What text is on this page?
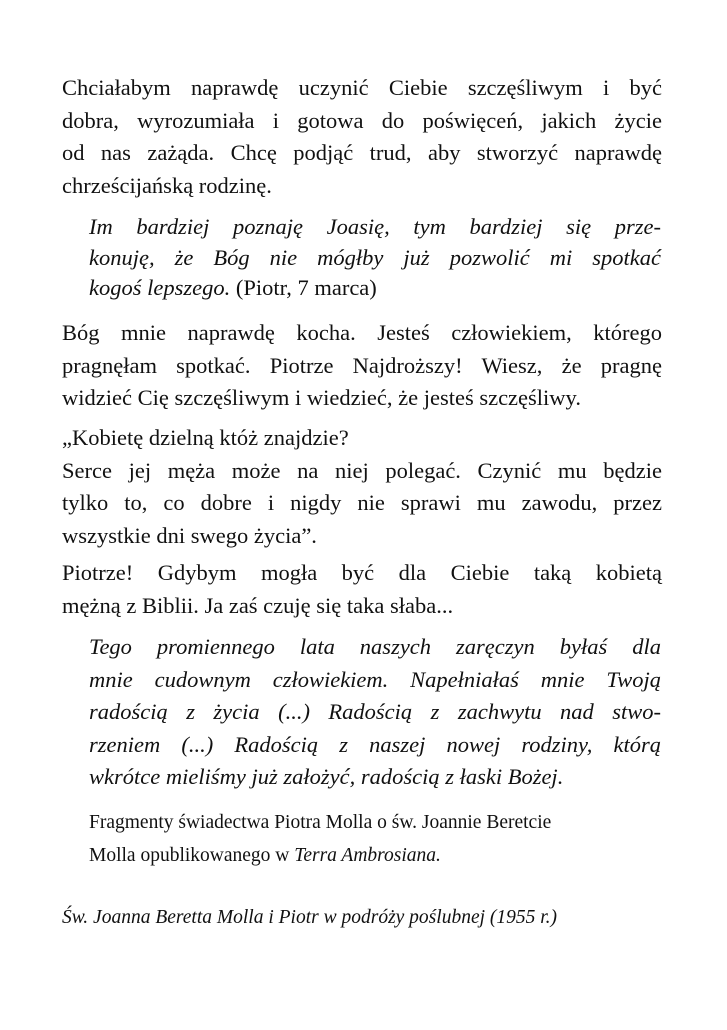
Chciałabym naprawdę uczynić Ciebie szczęśliwym i być
dobra, wyrozumiała i gotowa do poświęceń, jakich życie
od nas zażąda. Chcę podjąć trud, aby stworzyć naprawdę
chrześcijańską rodzinę.

Im bardziej poznaję Joasię, tym bardziej się prze-
konuję, że Bóg nie mógłby już pozwolić mi spotkać
kogoś lepszego. (Piotr, 7 marca)

Bóg mnie naprawdę kocha. Jesteś człowiekiem, którego
pragnęłam spotkać. Piotrze Najdroższy! Wiesz, że pragnę
widzieć Cię szczęśliwym i wiedzieć, że jesteś szczęśliwy.

„Kobietę dzielną któż znajdzie?
Serce jej męża może na niej polegać. Czynić mu będzie
tylko to, co dobre i nigdy nie sprawi mu zawodu, przez
wszystkie dni swego życia”.

Piotrze! Gdybym mogła być dla Ciebie taką kobietą
mężną z Biblii. Ja zaś czuję się taka słaba...

Tego promiennego lata naszych zaręczyn byłaś dla
mnie cudownym człowiekiem. Napełniałaś mnie Twoją
radością z życia (...) Radością z zachwytu nad stwo-
rzeniem (...) Radością z naszej nowej rodziny, którą
wkrótce mieliśmy już założyć, radością z łaski Bożej.

Fragmenty świadectwa Piotra Molla o św. Joannie Beretcie
Molla opublikowanego w Terra Ambrosiana.

Św. Joanna Beretta Molla i Piotr w podróży poślubnej (1955 r.)
